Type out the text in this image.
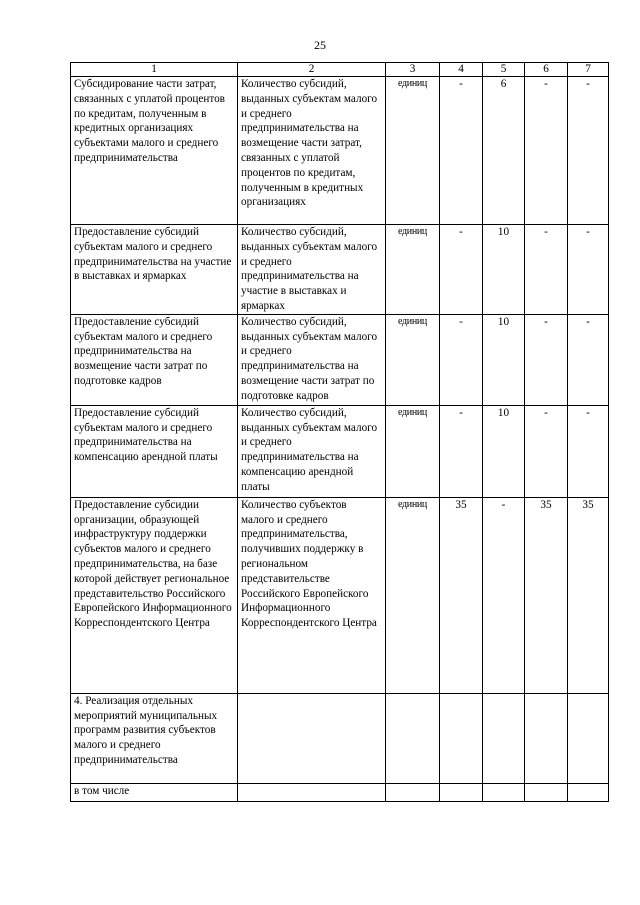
25
1	2	3	4	5	6	7
Субсидирование части затрат, связанных с уплатой процентов по кредитам, полученным в кредитных организациях субъектами малого и среднего предпринимательства	Количество субсидий, выданных субъектам малого и среднего предпринимательства на возмещение части затрат, связанных с уплатой процентов по кредитам, полученным в кредитных организациях	единиц	-	6	-	-
Предоставление субсидий субъектам малого и среднего предпринимательства на участие в выставках и ярмарках	Количество субсидий, выданных субъектам малого и среднего предпринимательства на участие в выставках и ярмарках	единиц	-	10	-	-
Предоставление субсидий субъектам малого и среднего предпринимательства на возмещение части затрат по подготовке кадров	Количество субсидий, выданных субъектам малого и среднего предпринимательства на возмещение части затрат по подготовке кадров	единиц	-	10	-	-
Предоставление субсидий субъектам малого и среднего предпринимательства на компенсацию арендной платы	Количество субсидий, выданных субъектам малого и среднего предпринимательства на компенсацию арендной платы	единиц	-	10	-	-
Предоставление субсидии организации, образующей инфраструктуру поддержки субъектов малого и среднего предпринимательства, на базе которой действует региональное представительство Российского Европейского Информационного Корреспондентского Центра	Количество субъектов малого и среднего предпринимательства, получивших поддержку в региональном представительстве Российского Европейского Информационного Корреспондентского Центра	единиц	35	-	35	35
4. Реализация отдельных мероприятий муниципальных программ развития субъектов малого и среднего предпринимательства						
в том числе						
